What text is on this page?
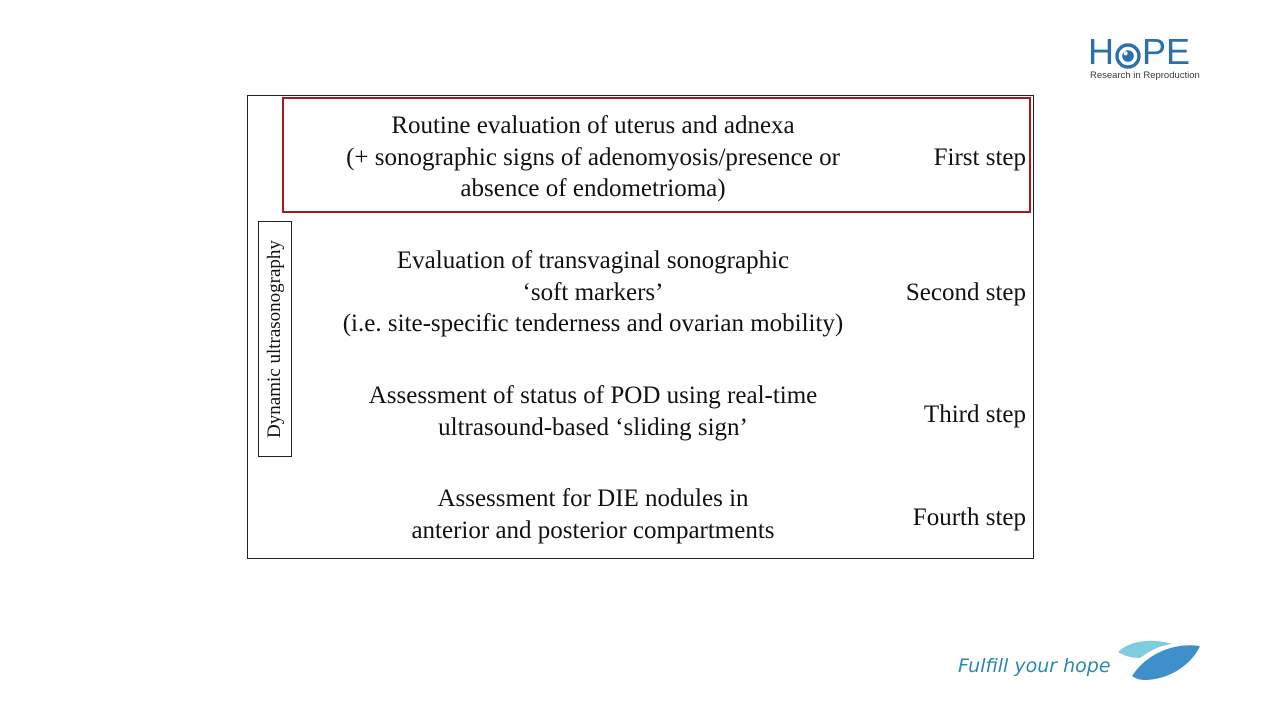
H P E
Research in Reproduction
Dynamic ultrasonography
Routine evaluation of uterus and adnexa
(+ sonographic signs of adenomyosis/presence or
absence of endometrioma)
First step
Evaluation of transvaginal sonographic
‘soft markers’
(i.e. site-specific tenderness and ovarian mobility)
Second step
Assessment of status of POD using real-time
ultrasound-based ‘sliding sign’	Third step
Assessment for DIE nodules in
anterior and posterior compartments	Fourth step
Fulfill your hope
